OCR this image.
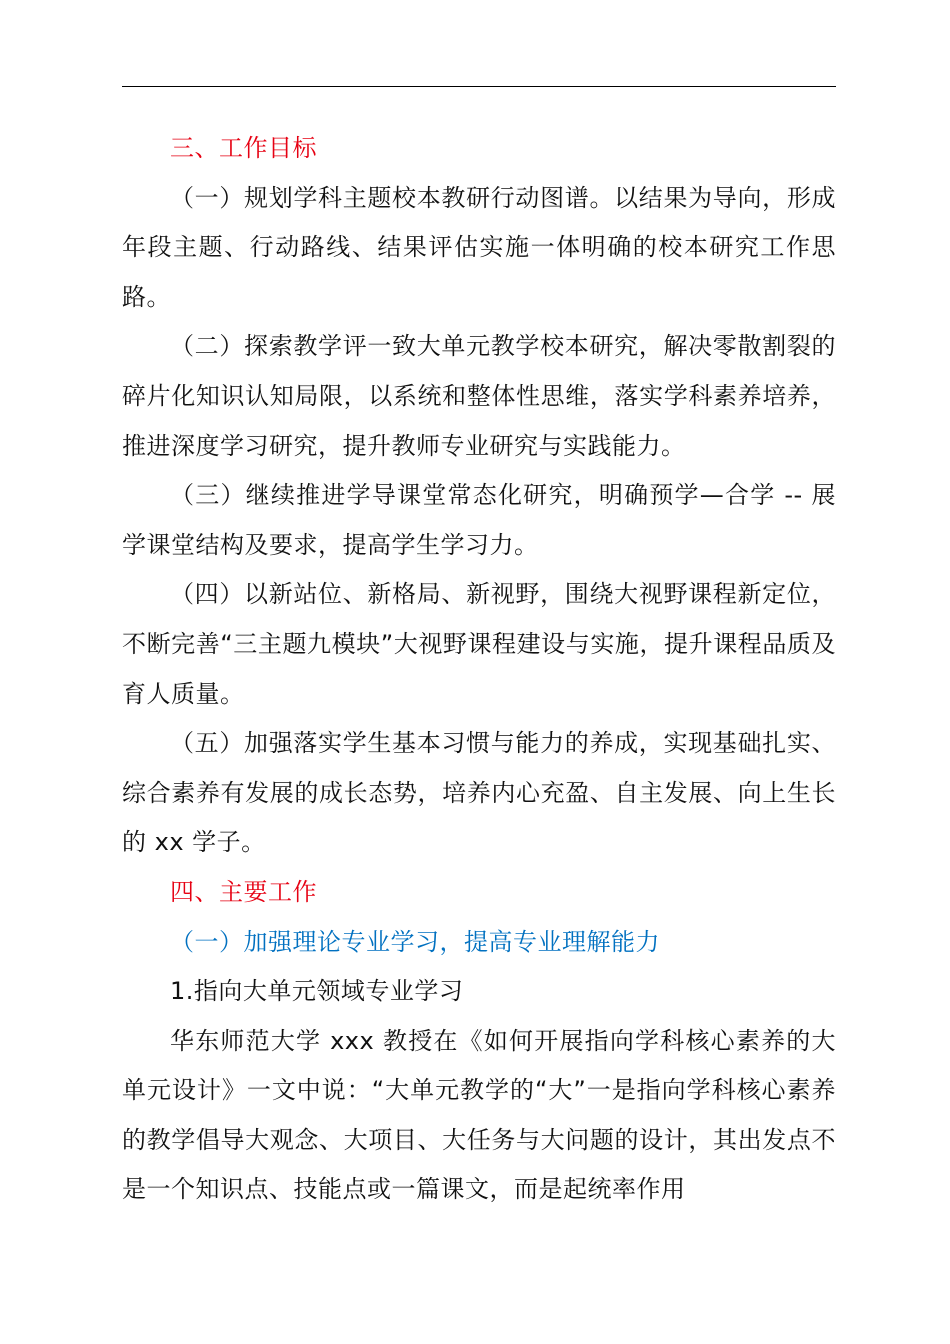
三、工作目标

（一）规划学科主题校本教研行动图谱。以结果为导向，形成年段主题、行动路线、结果评估实施一体明确的校本研究工作思路。

（二）探索教学评一致大单元教学校本研究，解决零散割裂的碎片化知识认知局限，以系统和整体性思维，落实学科素养培养，推进深度学习研究，提升教师专业研究与实践能力。

（三）继续推进学导课堂常态化研究，明确预学—合学 -- 展学课堂结构及要求，提高学生学习力。

（四）以新站位、新格局、新视野，围绕大视野课程新定位，不断完善“三主题九模块”大视野课程建设与实施，提升课程品质及育人质量。

（五）加强落实学生基本习惯与能力的养成，实现基础扎实、综合素养有发展的成长态势，培养内心充盈、自主发展、向上生长的 xx 学子。

四、主要工作

（一）加强理论专业学习，提高专业理解能力

1.指向大单元领域专业学习

华东师范大学 xxx 教授在《如何开展指向学科核心素养的大单元设计》一文中说：“大单元教学的“大”一是指向学科核心素养的教学倡导大观念、大项目、大任务与大问题的设计，其出发点不是一个知识点、技能点或一篇课文，而是起统率作用
